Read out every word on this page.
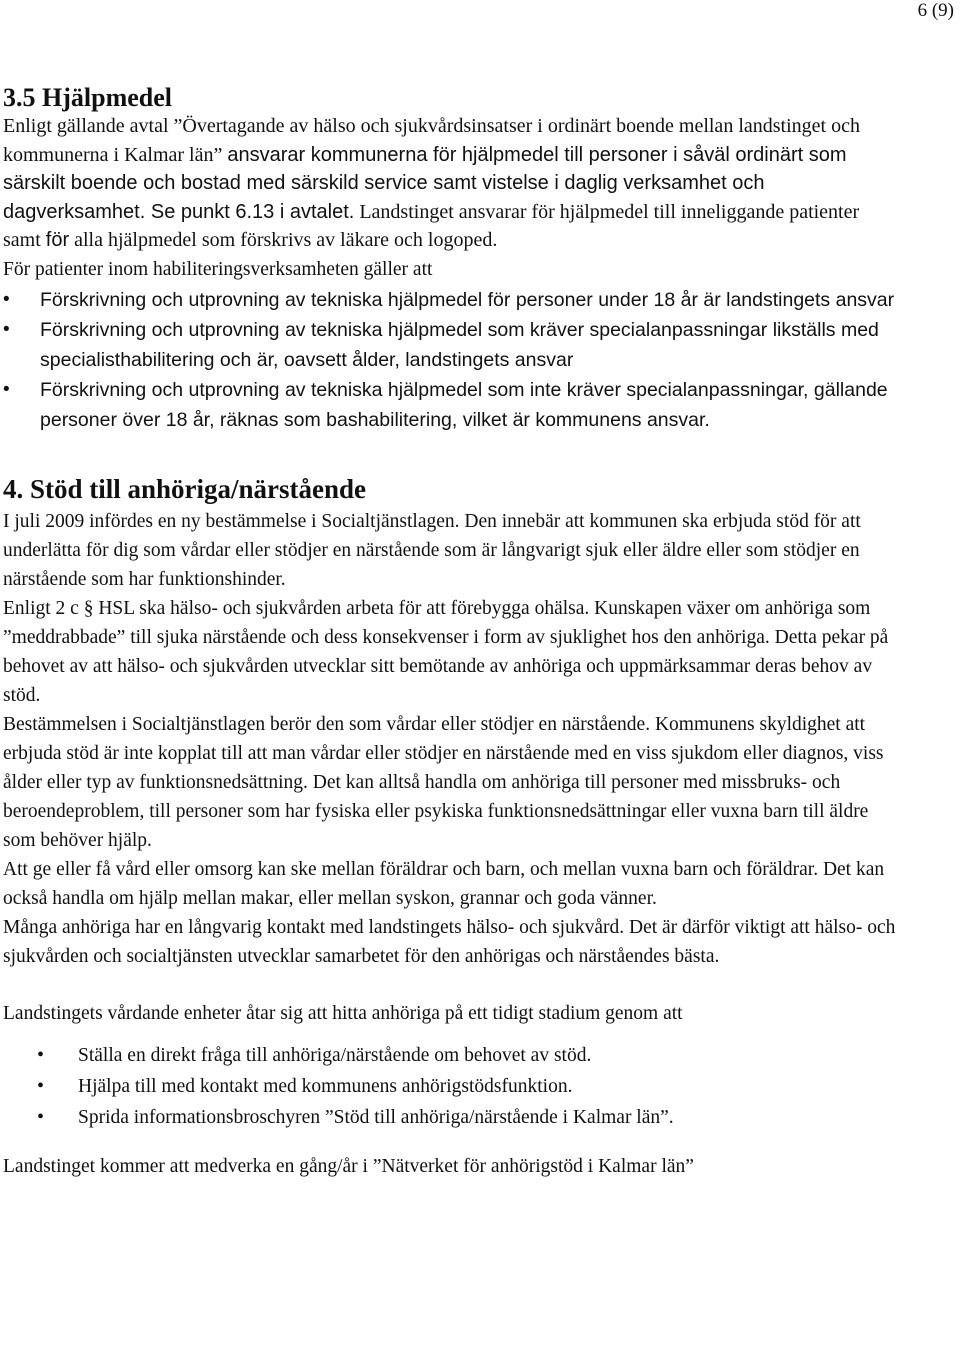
6 (9)
3.5 Hjälpmedel

Enligt gällande avtal ”Övertagande av hälso och sjukvårdsinsatser i ordinärt boende mellan landstinget och kommunerna i Kalmar län” ansvarar kommunerna för hjälpmedel till personer i såväl ordinärt som särskilt boende och bostad med särskild service samt vistelse i daglig verksamhet och dagverksamhet. Se punkt 6.13 i avtalet. Landstinget ansvarar för hjälpmedel till inneliggande patienter samt för alla hjälpmedel som förskrivs av läkare och logoped.

För patienter inom habiliteringsverksamheten gäller att

• Förskrivning och utprovning av tekniska hjälpmedel för personer under 18 år är landstingets ansvar
• Förskrivning och utprovning av tekniska hjälpmedel som kräver specialanpassningar likställs med specialisthabilitering och är, oavsett ålder, landstingets ansvar
• Förskrivning och utprovning av tekniska hjälpmedel som inte kräver specialanpassningar, gällande personer över 18 år, räknas som bashabilitering, vilket är kommunens ansvar.
4. Stöd till anhöriga/närstående

I juli 2009 infördes en ny bestämmelse i Socialtjänstlagen. Den innebär att kommunen ska erbjuda stöd för att underlätta för dig som vårdar eller stödjer en närstående som är långvarigt sjuk eller äldre eller som stödjer en närstående som har funktionshinder.

Enligt 2 c § HSL ska hälso- och sjukvården arbeta för att förebygga ohälsa. Kunskapen växer om anhöriga som ”meddrabbade” till sjuka närstående och dess konsekvenser i form av sjuklighet hos den anhöriga. Detta pekar på behovet av att hälso- och sjukvården utvecklar sitt bemötande av anhöriga och uppmärksammar deras behov av stöd.

Bestämmelsen i Socialtjänstlagen berör den som vårdar eller stödjer en närstående. Kommunens skyldighet att erbjuda stöd är inte kopplat till att man vårdar eller stödjer en närstående med en viss sjukdom eller diagnos, viss ålder eller typ av funktionsnedsättning. Det kan alltså handla om anhöriga till personer med missbruks- och beroendeproblem, till personer som har fysiska eller psykiska funktionsnedsättningar eller vuxna barn till äldre som behöver hjälp.

Att ge eller få vård eller omsorg kan ske mellan föräldrar och barn, och mellan vuxna barn och föräldrar. Det kan också handla om hjälp mellan makar, eller mellan syskon, grannar och goda vänner.

Många anhöriga har en långvarig kontakt med landstingets hälso- och sjukvård. Det är därför viktigt att hälso- och sjukvården och socialtjänsten utvecklar samarbetet för den anhörigas och närståendes bästa.

Landstingets vårdande enheter åtar sig att hitta anhöriga på ett tidigt stadium genom att

• Ställa en direkt fråga till anhöriga/närstående om behovet av stöd.
• Hjälpa till med kontakt med kommunens anhörigstödsfunktion.
• Sprida informationsbroschyren ”Stöd till anhöriga/närstående i Kalmar län”.

Landstinget kommer att medverka en gång/år i ”Nätverket för anhörigstöd i Kalmar län”
